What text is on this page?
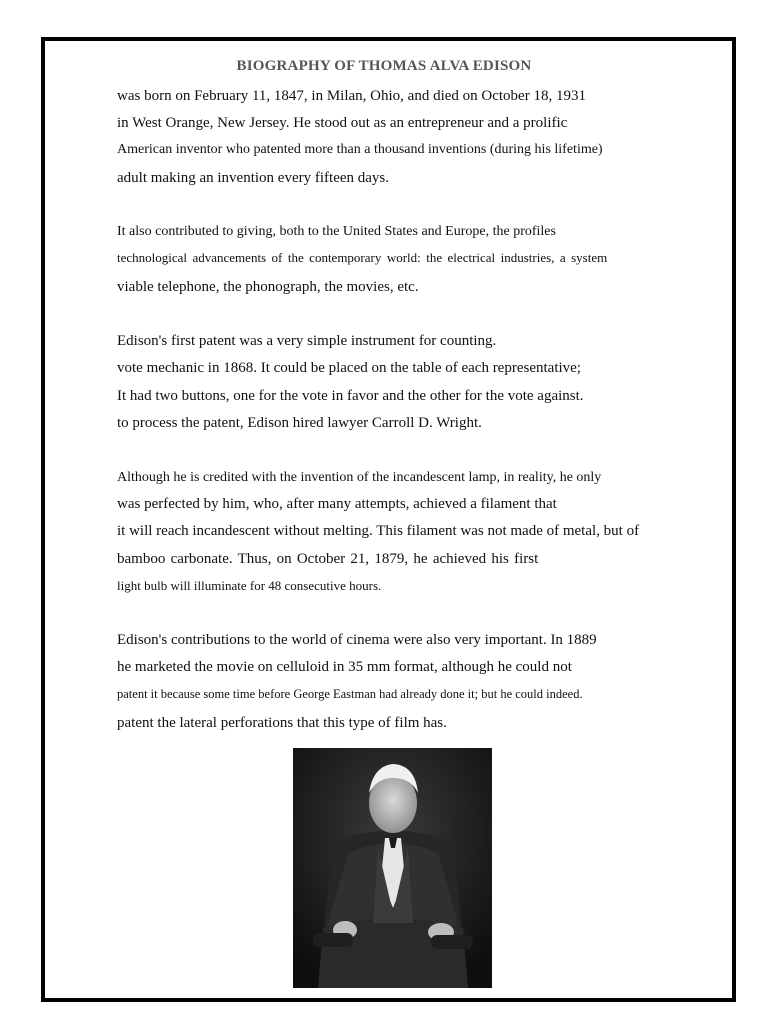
BIOGRAPHY OF THOMAS ALVA EDISON
was born on February 11, 1847, in Milan, Ohio, and died on October 18, 1931
in West Orange, New Jersey. He stood out as an entrepreneur and a prolific
American inventor who patented more than a thousand inventions (during his lifetime)
adult making an invention every fifteen days.
It also contributed to giving, both to the United States and Europe, the profiles
technological advancements of the contemporary world: the electrical industries, a system
viable telephone, the phonograph, the movies, etc.
Edison's first patent was a very simple instrument for counting.
vote mechanic in 1868. It could be placed on the table of each representative;
It had two buttons, one for the vote in favor and the other for the vote against.
to process the patent, Edison hired lawyer Carroll D. Wright.
Although he is credited with the invention of the incandescent lamp, in reality, he only
was perfected by him, who, after many attempts, achieved a filament that
it will reach incandescent without melting. This filament was not made of metal, but of
bamboo carbonate. Thus, on October 21, 1879, he achieved his first
light bulb will illuminate for 48 consecutive hours.
Edison's contributions to the world of cinema were also very important. In 1889
he marketed the movie on celluloid in 35 mm format, although he could not
patent it because some time before George Eastman had already done it; but he could indeed.
patent the lateral perforations that this type of film has.
